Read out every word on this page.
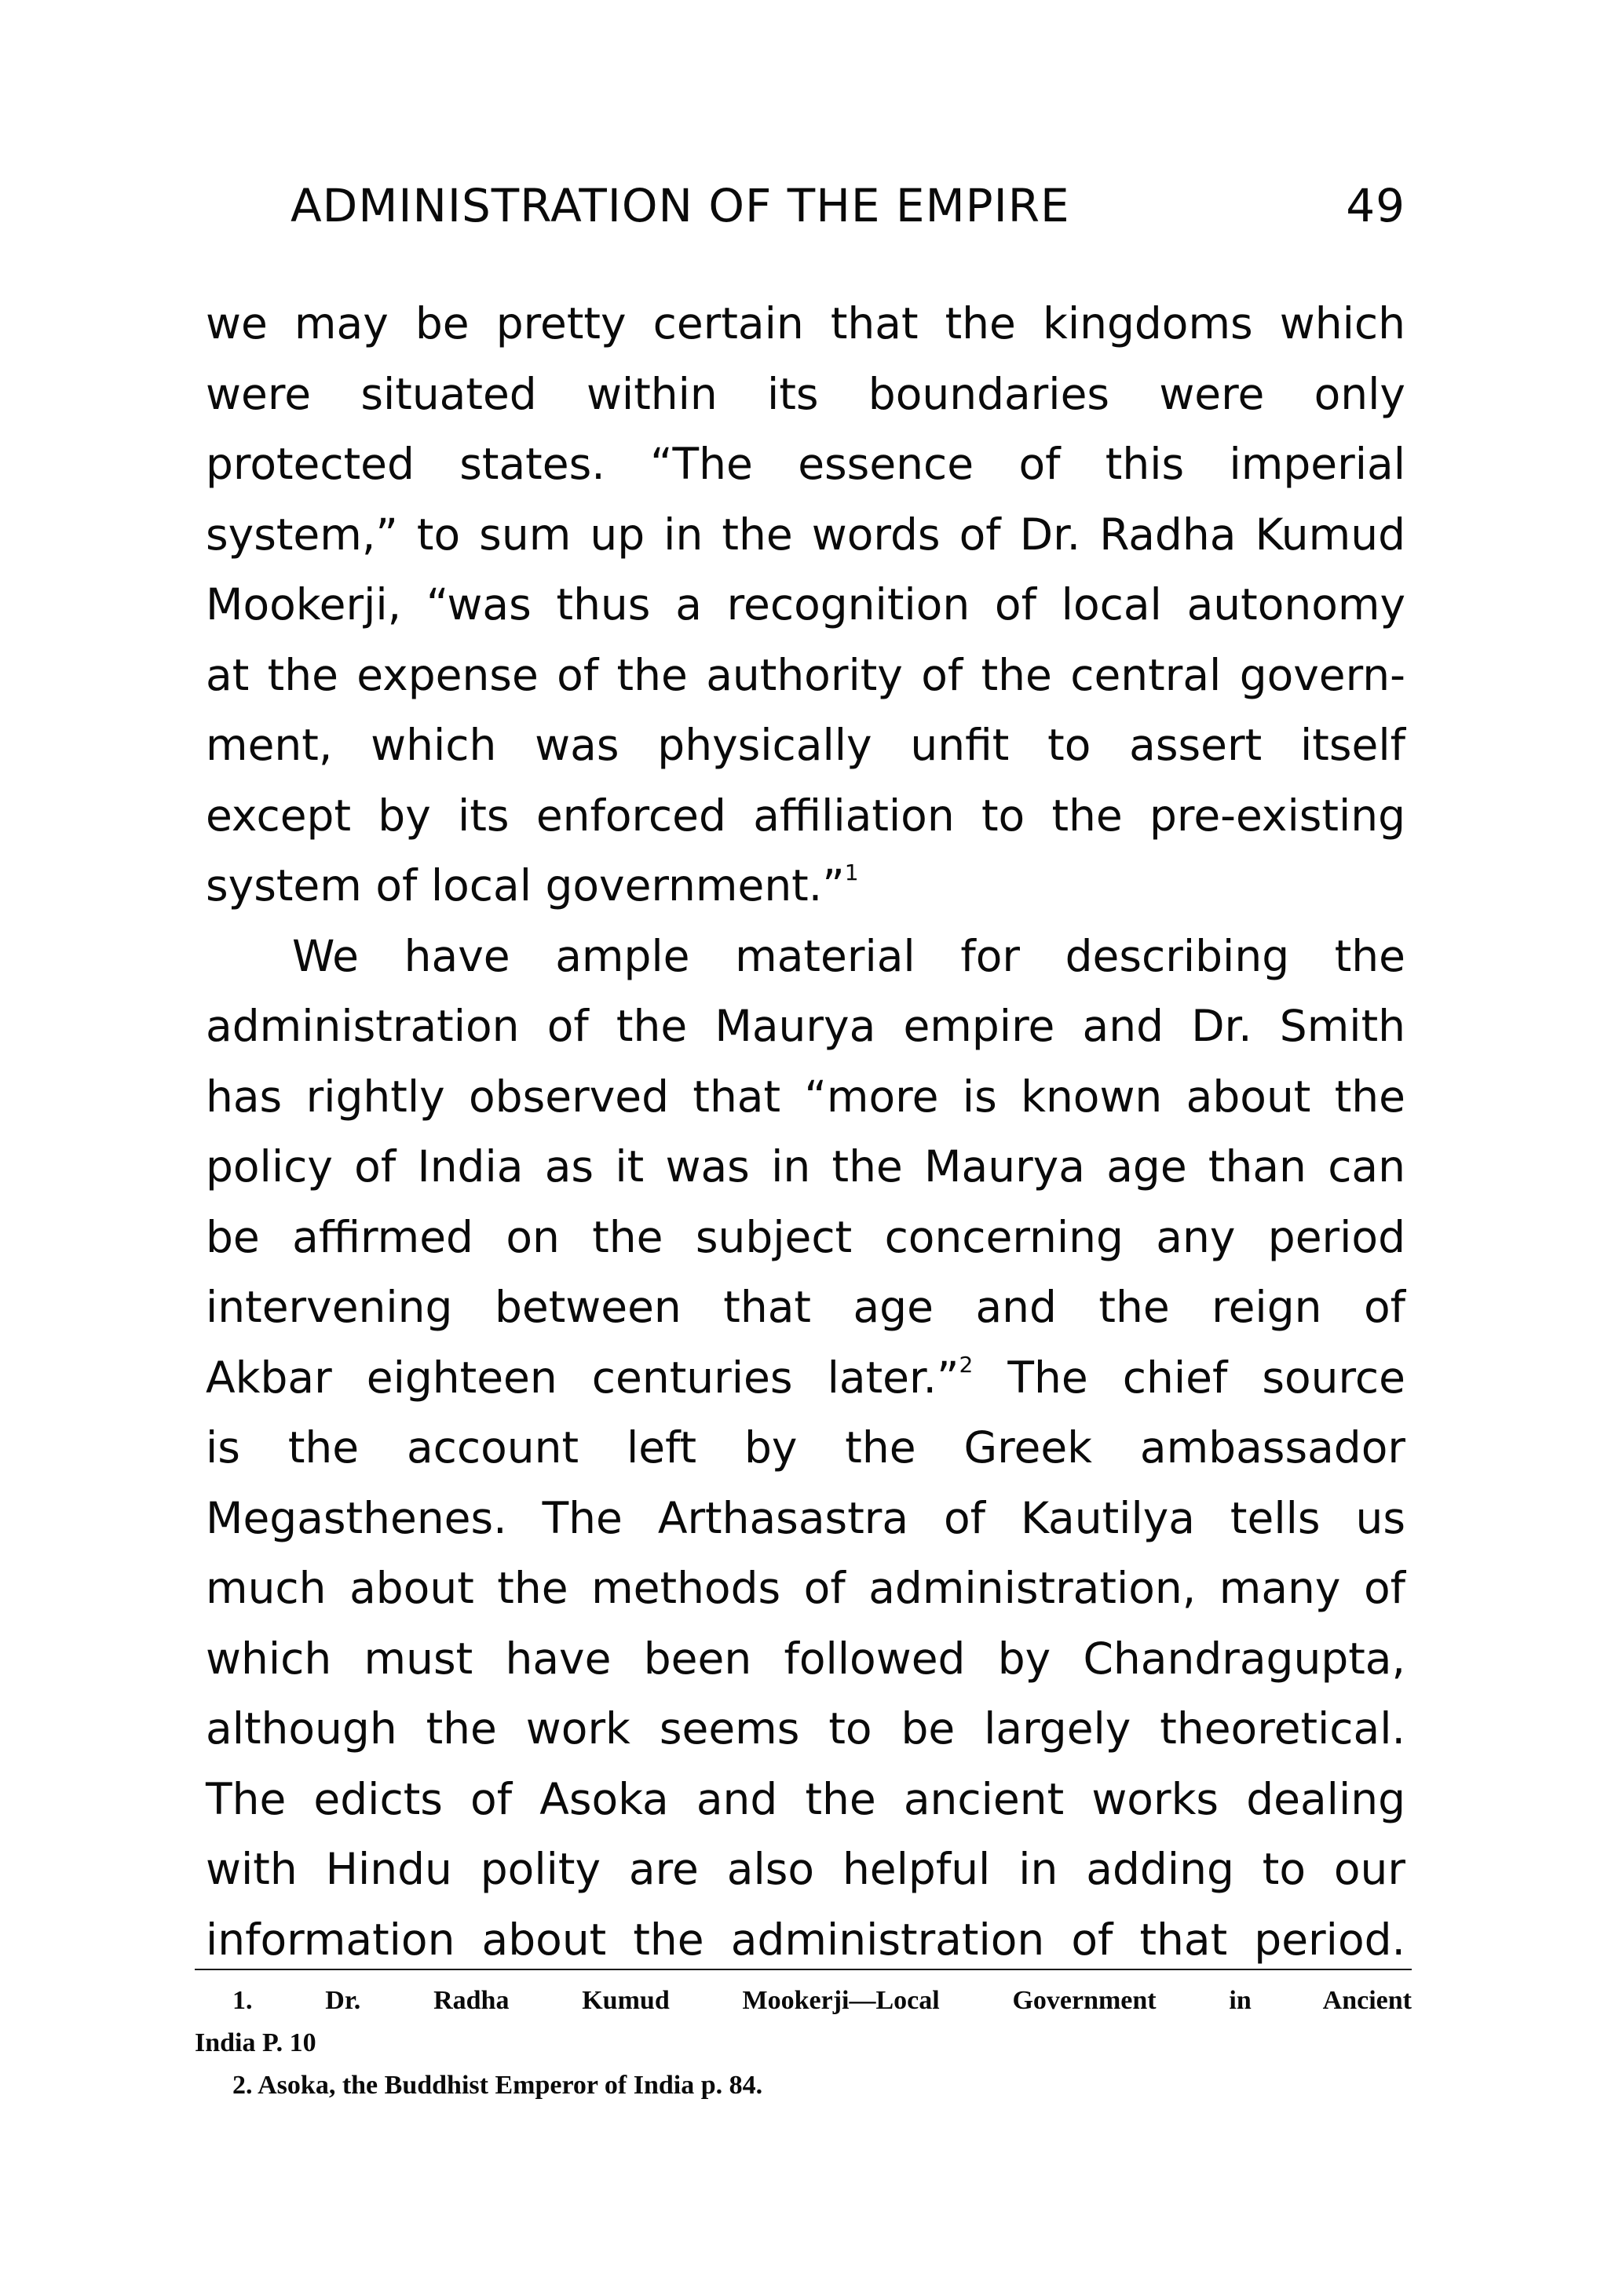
ADMINISTRATION OF THE EMPIRE	49
we may be pretty certain that the kingdoms which
were situated within its boundaries were only
protected states. “The essence of this imperial
system,” to sum up in the words of Dr. Radha Kumud
Mookerji, “was thus a recognition of local autonomy
at the expense of the authority of the central govern-
ment, which was physically unfit to assert itself
except by its enforced affiliation to the pre-existing
system of local government.”$^1$
We have ample material for describing the
administration of the Maurya empire and Dr. Smith
has rightly observed that “more is known about the
policy of India as it was in the Maurya age than can
be affirmed on the subject concerning any period
intervening between that age and the reign of
Akbar eighteen centuries later.”$^2$ The chief source
is the account left by the Greek ambassador
Megasthenes. The Arthasastra of Kautilya tells us
much about the methods of administration, many of
which must have been followed by Chandragupta,
although the work seems to be largely theoretical.
The edicts of Asoka and the ancient works dealing
with Hindu polity are also helpful in adding to our
information about the administration of that period.
1. Dr. Radha Kumud Mookerji—Local Government in Ancient
India P. 10
2. Asoka, the Buddhist Emperor of India p. 84.
